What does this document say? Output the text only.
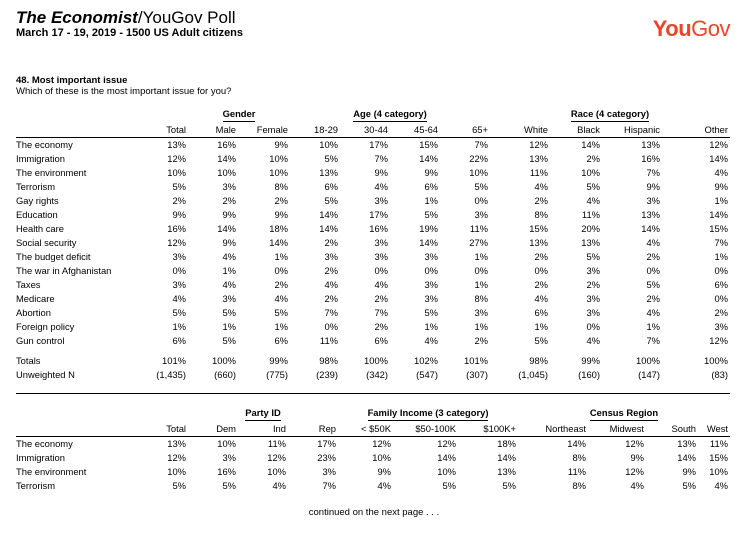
The Economist/YouGov Poll
March 17 - 19, 2019 - 1500 US Adult citizens	YouGov
48. Most important issue
Which of these is the most important issue for you?
		Gender		Age (4 category)				Race (4 category)			
	Total	Male	Female	18-29	30-44	45-64	65+	White	Black	Hispanic	Other
The economy	13%	16%	9%	10%	17%	15%	7%	12%	14%	13%	12%
Immigration	12%	14%	10%	5%	7%	14%	22%	13%	2%	16%	14%
The environment	10%	10%	10%	13%	9%	9%	10%	11%	10%	7%	4%
Terrorism	5%	3%	8%	6%	4%	6%	5%	4%	5%	9%	9%
Gay rights	2%	2%	2%	5%	3%	1%	0%	2%	4%	3%	1%
Education	9%	9%	9%	14%	17%	5%	3%	8%	11%	13%	14%
Health care	16%	14%	18%	14%	16%	19%	11%	15%	20%	14%	15%
Social security	12%	9%	14%	2%	3%	14%	27%	13%	13%	4%	7%
The budget deficit	3%	4%	1%	3%	3%	3%	1%	2%	5%	2%	1%
The war in Afghanistan	0%	1%	0%	2%	0%	0%	0%	0%	3%	0%	0%
Taxes	3%	4%	2%	4%	4%	3%	1%	2%	2%	5%	6%
Medicare	4%	3%	4%	2%	2%	3%	8%	4%	3%	2%	0%
Abortion	5%	5%	5%	7%	7%	5%	3%	6%	3%	4%	2%
Foreign policy	1%	1%	1%	0%	2%	1%	1%	1%	0%	1%	3%
Gun control	6%	5%	6%	11%	6%	4%	2%	5%	4%	7%	12%

Totals	101%	100%	99%	98%	100%	102%	101%	98%	99%	100%	100%
Unweighted N	(1,435)	(660)	(775)	(239)	(342)	(547)	(307)	(1,045)	(160)	(147)	(83)
		Party ID			Family Income (3 category)			Census Region			
	Total	Dem	Ind	Rep	< $50K	$50-100K	$100K+	Northeast	Midwest	South	West
The economy	13%	10%	11%	17%	12%	12%	18%	14%	12%	13%	11%
Immigration	12%	3%	12%	23%	10%	14%	14%	8%	9%	14%	15%
The environment	10%	16%	10%	3%	9%	10%	13%	11%	12%	9%	10%
Terrorism	5%	5%	4%	7%	4%	5%	5%	8%	4%	5%	4%
continued on the next page . . .
